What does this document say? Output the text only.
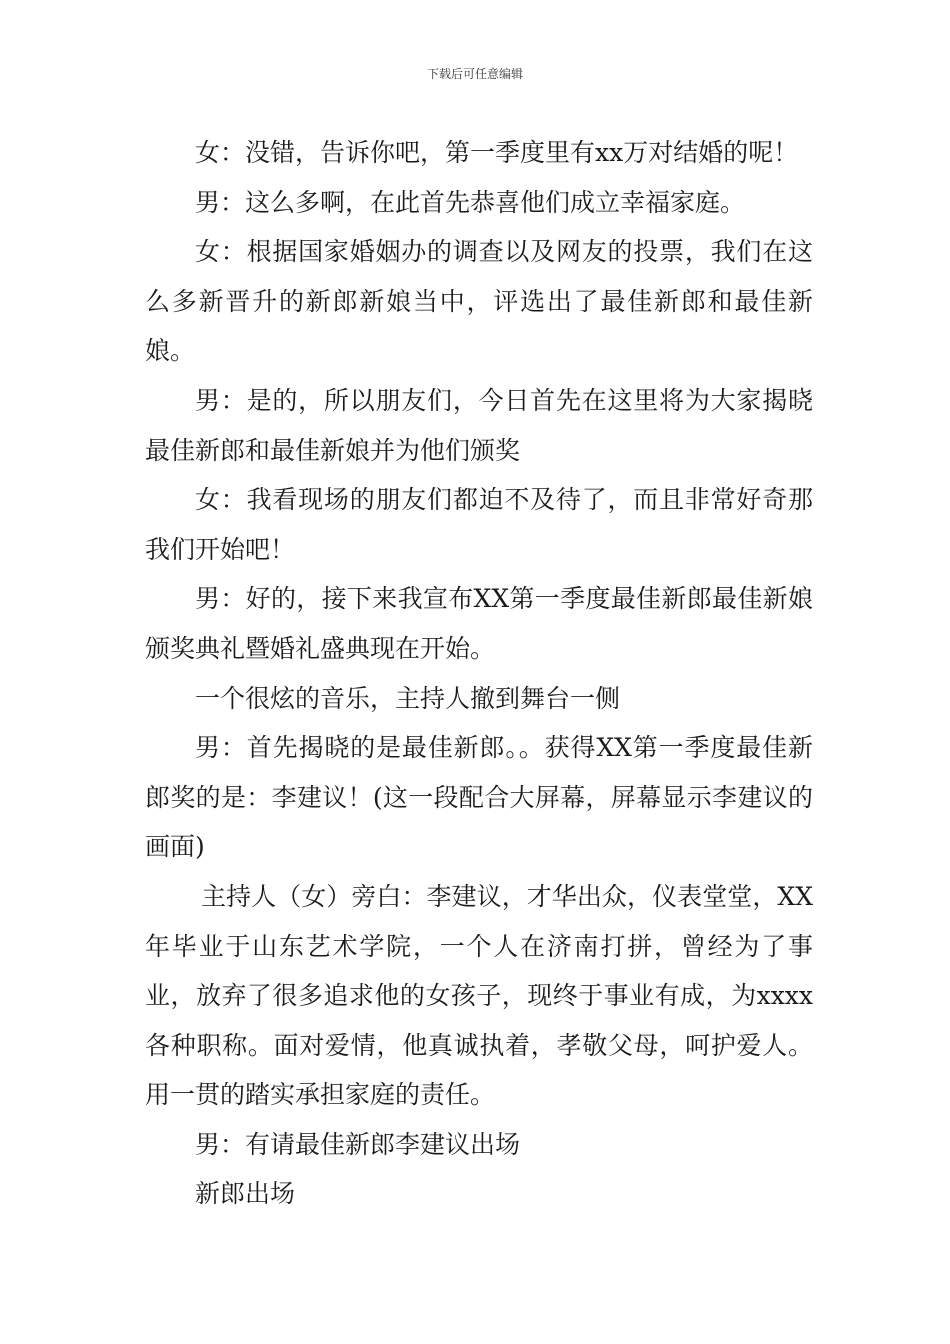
下载后可任意编辑

女：没错，告诉你吧，第一季度里有xx万对结婚的呢！

男：这么多啊，在此首先恭喜他们成立幸福家庭。

女：根据国家婚姻办的调查以及网友的投票，我们在这么多新晋升的新郎新娘当中，评选出了最佳新郎和最佳新娘。

男：是的，所以朋友们，今日首先在这里将为大家揭晓最佳新郎和最佳新娘并为他们颁奖

女：我看现场的朋友们都迫不及待了，而且非常好奇那我们开始吧！

男：好的，接下来我宣布XX第一季度最佳新郎最佳新娘颁奖典礼暨婚礼盛典现在开始。

一个很炫的音乐，主持人撤到舞台一侧

男：首先揭晓的是最佳新郎。。获得XX第一季度最佳新郎奖的是：李建议！(这一段配合大屏幕，屏幕显示李建议的画面)

主持人（女）旁白：李建议，才华出众，仪表堂堂，XX年毕业于山东艺术学院，一个人在济南打拼，曾经为了事业，放弃了很多追求他的女孩子，现终于事业有成，为xxxx各种职称。面对爱情，他真诚执着，孝敬父母，呵护爱人。用一贯的踏实承担家庭的责任。

男：有请最佳新郎李建议出场

新郎出场
